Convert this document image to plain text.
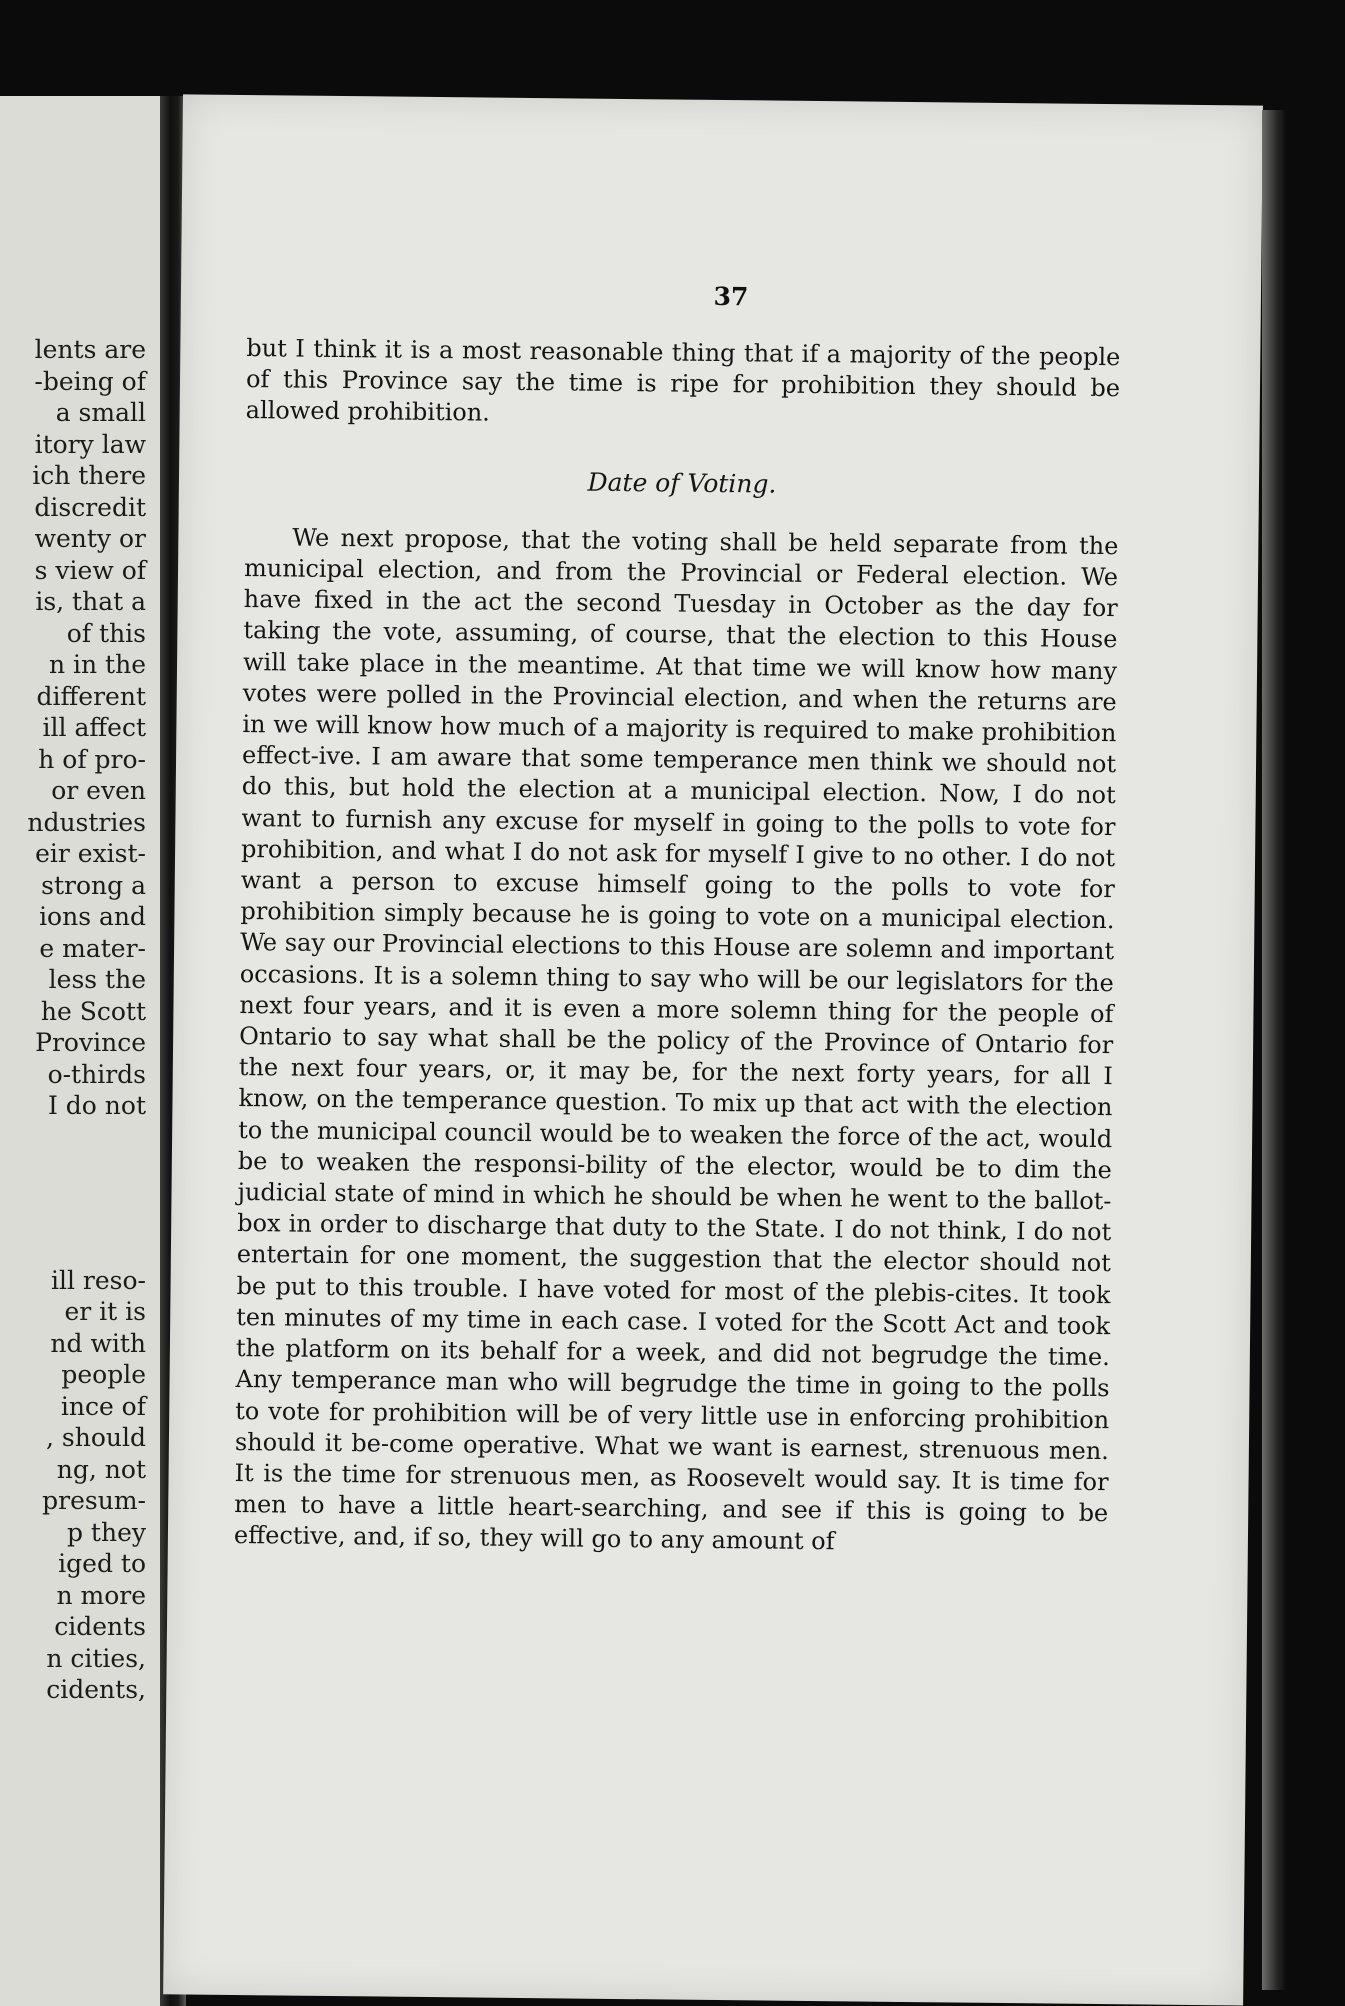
lents are
-being of
a small
itory law
ich there
discredit
wenty or
s view of
is, that a
of this
n in the
different
ill affect
h of pro-
or even
ndustries
eir exist-
strong a
ions and
e mater-
less the
he Scott
Province
o-thirds
I do not
ill reso-
er it is
nd with
people
ince of
, should
ng, not
presum-
p they
iged to
n more
cidents
n cities,
cidents,
37

but I think it is a most reasonable thing that if a majority of the people of this Province say the time is ripe for prohibition they should be allowed prohibition.

Date of Voting.

We next propose, that the voting shall be held separate from the municipal election, and from the Provincial or Federal election. We have fixed in the act the second Tuesday in October as the day for taking the vote, assuming, of course, that the election to this House will take place in the meantime. At that time we will know how many votes were polled in the Provincial election, and when the returns are in we will know how much of a majority is required to make prohibition effect-ive. I am aware that some temperance men think we should not do this, but hold the election at a municipal election. Now, I do not want to furnish any excuse for myself in going to the polls to vote for prohibition, and what I do not ask for myself I give to no other. I do not want a person to excuse himself going to the polls to vote for prohibition simply because he is going to vote on a municipal election. We say our Provincial elections to this House are solemn and important occasions. It is a solemn thing to say who will be our legislators for the next four years, and it is even a more solemn thing for the people of Ontario to say what shall be the policy of the Province of Ontario for the next four years, or, it may be, for the next forty years, for all I know, on the temperance question. To mix up that act with the election to the municipal council would be to weaken the force of the act, would be to weaken the responsi-bility of the elector, would be to dim the judicial state of mind in which he should be when he went to the ballot-box in order to discharge that duty to the State. I do not think, I do not entertain for one moment, the suggestion that the elector should not be put to this trouble. I have voted for most of the plebis-cites. It took ten minutes of my time in each case. I voted for the Scott Act and took the platform on its behalf for a week, and did not begrudge the time. Any temperance man who will begrudge the time in going to the polls to vote for prohibition will be of very little use in enforcing prohibition should it be-come operative. What we want is earnest, strenuous men. It is the time for strenuous men, as Roosevelt would say. It is time for men to have a little heart-searching, and see if this is going to be effective, and, if so, they will go to any amount of
